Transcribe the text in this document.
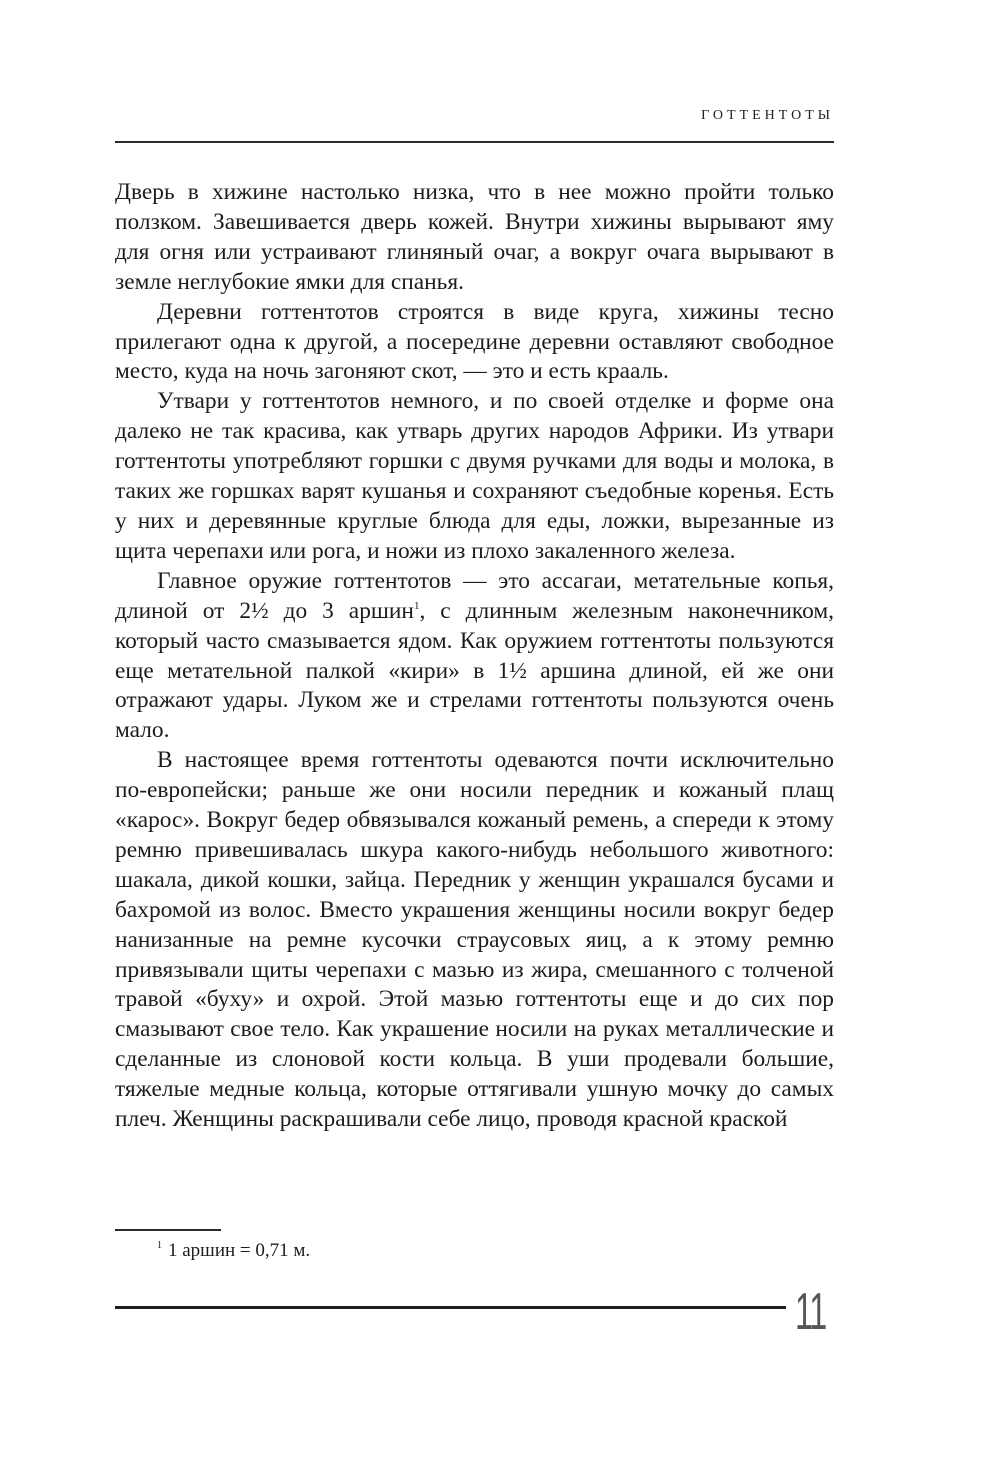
ГОТТЕНТОТЫ

Дверь в хижине настолько низка, что в нее можно пройти только ползком. Завешивается дверь кожей. Внутри хижины вырывают яму для огня или устраивают глиняный очаг, а вокруг очага вырывают в земле неглубокие ямки для спанья.

Деревни готтентотов строятся в виде круга, хижины тесно прилегают одна к другой, а посередине деревни оставляют свободное место, куда на ночь загоняют скот, — это и есть крааль.

Утвари у готтентотов немного, и по своей отделке и форме она далеко не так красива, как утварь других народов Африки. Из утвари готтентоты употребляют горшки с двумя ручками для воды и молока, в таких же горшках варят кушанья и сохраняют съедобные коренья. Есть у них и деревянные круглые блюда для еды, ложки, вырезанные из щита черепахи или рога, и ножи из плохо закаленного железа.

Главное оружие готтентотов — это ассагаи, метательные копья, длиной от 2½ до 3 аршин$^1$, с длинным железным наконечником, который часто смазывается ядом. Как оружием готтентоты пользуются еще метательной палкой «кири» в 1½ аршина длиной, ей же они отражают удары. Луком же и стрелами готтентоты пользуются очень мало.

В настоящее время готтентоты одеваются почти исключительно по-европейски; раньше же они носили передник и кожаный плащ «карос». Вокруг бедер обвязывался кожаный ремень, а спереди к этому ремню привешивалась шкура какого-нибудь небольшого животного: шакала, дикой кошки, зайца. Передник у женщин украшался бусами и бахромой из волос. Вместо украшения женщины носили вокруг бедер нанизанные на ремне кусочки страусовых яиц, а к этому ремню привязывали щиты черепахи с мазью из жира, смешанного с толченой травой «буху» и охрой. Этой мазью готтентоты еще и до сих пор смазывают свое тело. Как украшение носили на руках металлические и сделанные из слоновой кости кольца. В уши продевали большие, тяжелые медные кольца, которые оттягивали ушную мочку до самых плеч. Женщины раскрашивали себе лицо, проводя красной краской

$^1$ 1 аршин = 0,71 м.
11
